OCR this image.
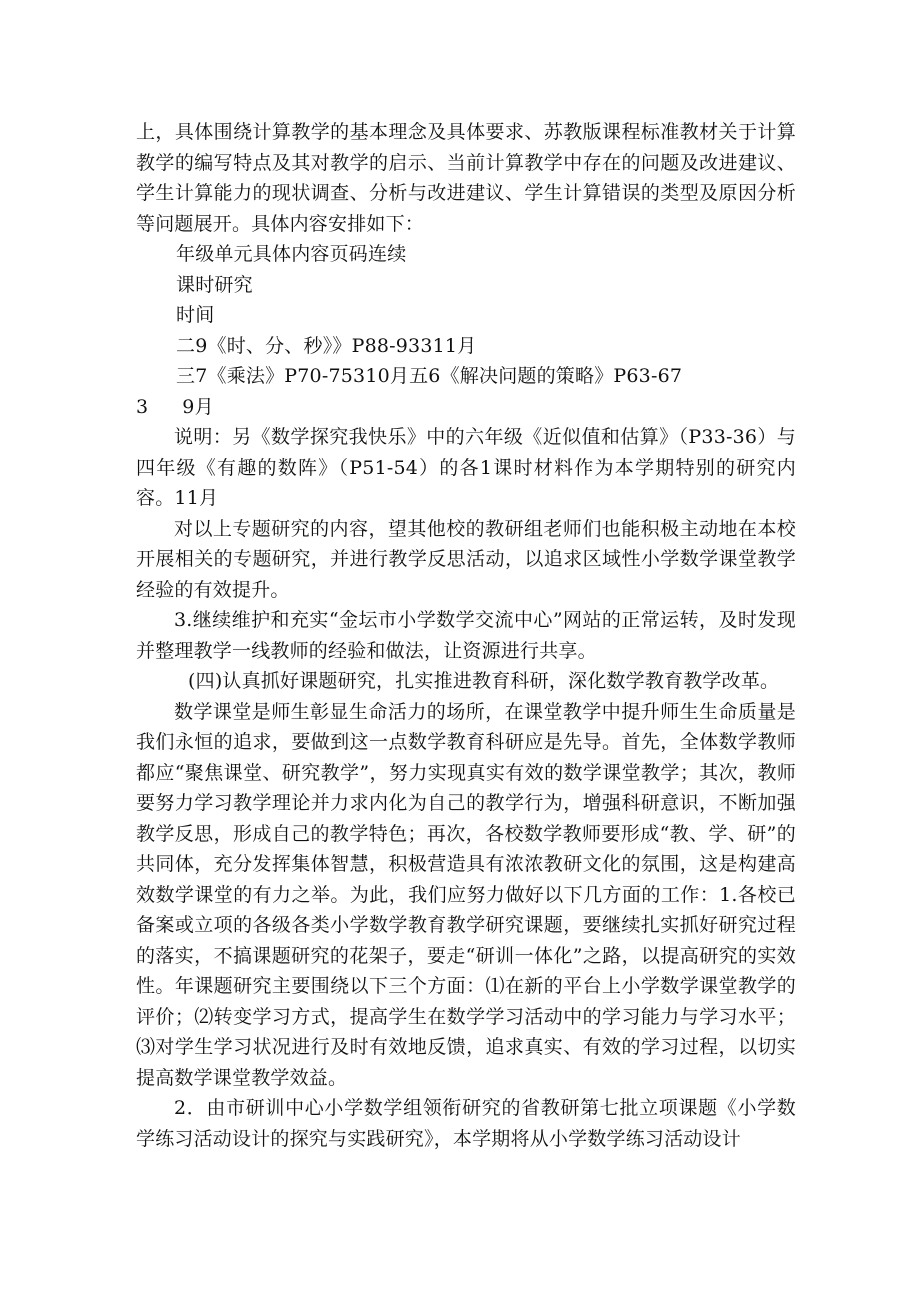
上，具体围绕计算教学的基本理念及具体要求、苏教版课程标准教材关于计算教学的编写特点及其对教学的启示、当前计算教学中存在的问题及改进建议、学生计算能力的现状调查、分析与改进建议、学生计算错误的类型及原因分析等问题展开。具体内容安排如下：

年级单元具体内容页码连续

课时研究

时间

二9《时、分、秒》》P88-93311月

三7《乘法》P70-75310月五6《解决问题的策略》P63-67

3	9月

说明：另《数学探究我快乐》中的六年级《近似值和估算》（P33-36）与四年级《有趣的数阵》（P51-54）的各1课时材料作为本学期特别的研究内容。11月

对以上专题研究的内容，望其他校的教研组老师们也能积极主动地在本校开展相关的专题研究，并进行教学反思活动，以追求区域性小学数学课堂教学经验的有效提升。

3.继续维护和充实“金坛市小学数学交流中心”网站的正常运转，及时发现并整理教学一线教师的经验和做法，让资源进行共享。

(四)认真抓好课题研究，扎实推进教育科研，深化数学教育教学改革。

数学课堂是师生彰显生命活力的场所，在课堂教学中提升师生生命质量是我们永恒的追求，要做到这一点数学教育科研应是先导。首先，全体数学教师都应“聚焦课堂、研究教学”，努力实现真实有效的数学课堂教学；其次，教师要努力学习教学理论并力求内化为自己的教学行为，增强科研意识，不断加强教学反思，形成自己的教学特色；再次，各校数学教师要形成“教、学、研”的共同体，充分发挥集体智慧，积极营造具有浓浓教研文化的氛围，这是构建高效数学课堂的有力之举。为此，我们应努力做好以下几方面的工作：1.各校已备案或立项的各级各类小学数学教育教学研究课题，要继续扎实抓好研究过程的落实，不搞课题研究的花架子，要走“研训一体化”之路，以提高研究的实效性。年课题研究主要围绕以下三个方面：⑴在新的平台上小学数学课堂教学的评价；⑵转变学习方式，提高学生在数学学习活动中的学习能力与学习水平；⑶对学生学习状况进行及时有效地反馈，追求真实、有效的学习过程，以切实提高数学课堂教学效益。

2．由市研训中心小学数学组领衔研究的省教研第七批立项课题《小学数学练习活动设计的探究与实践研究》，本学期将从小学数学练习活动设计
